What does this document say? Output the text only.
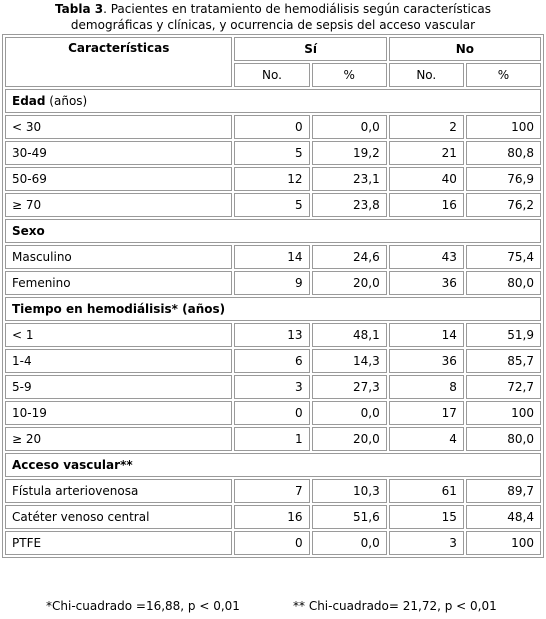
Tabla 3. Pacientes en tratamiento de hemodiálisis según características
demográficas y clínicas, y ocurrencia de sepsis del acceso vascular
Características	Sí		No	
	No.	%	No.	%
Edad (años)				
< 30	0	0,0	2	100
30-49	5	19,2	21	80,8
50-69	12	23,1	40	76,9
≥ 70	5	23,8	16	76,2
Sexo				
Masculino	14	24,6	43	75,4
Femenino	9	20,0	36	80,0
Tiempo en hemodiálisis* (años)				
< 1	13	48,1	14	51,9
1-4	6	14,3	36	85,7
5-9	3	27,3	8	72,7
10-19	0	0,0	17	100
≥ 20	1	20,0	4	80,0
Acceso vascular**				
Fístula arteriovenosa	7	10,3	61	89,7
Catéter venoso central	16	51,6	15	48,4
PTFE	0	0,0	3	100
*Chi-cuadrado =16,88, p < 0,01	** Chi-cuadrado= 21,72, p < 0,01
